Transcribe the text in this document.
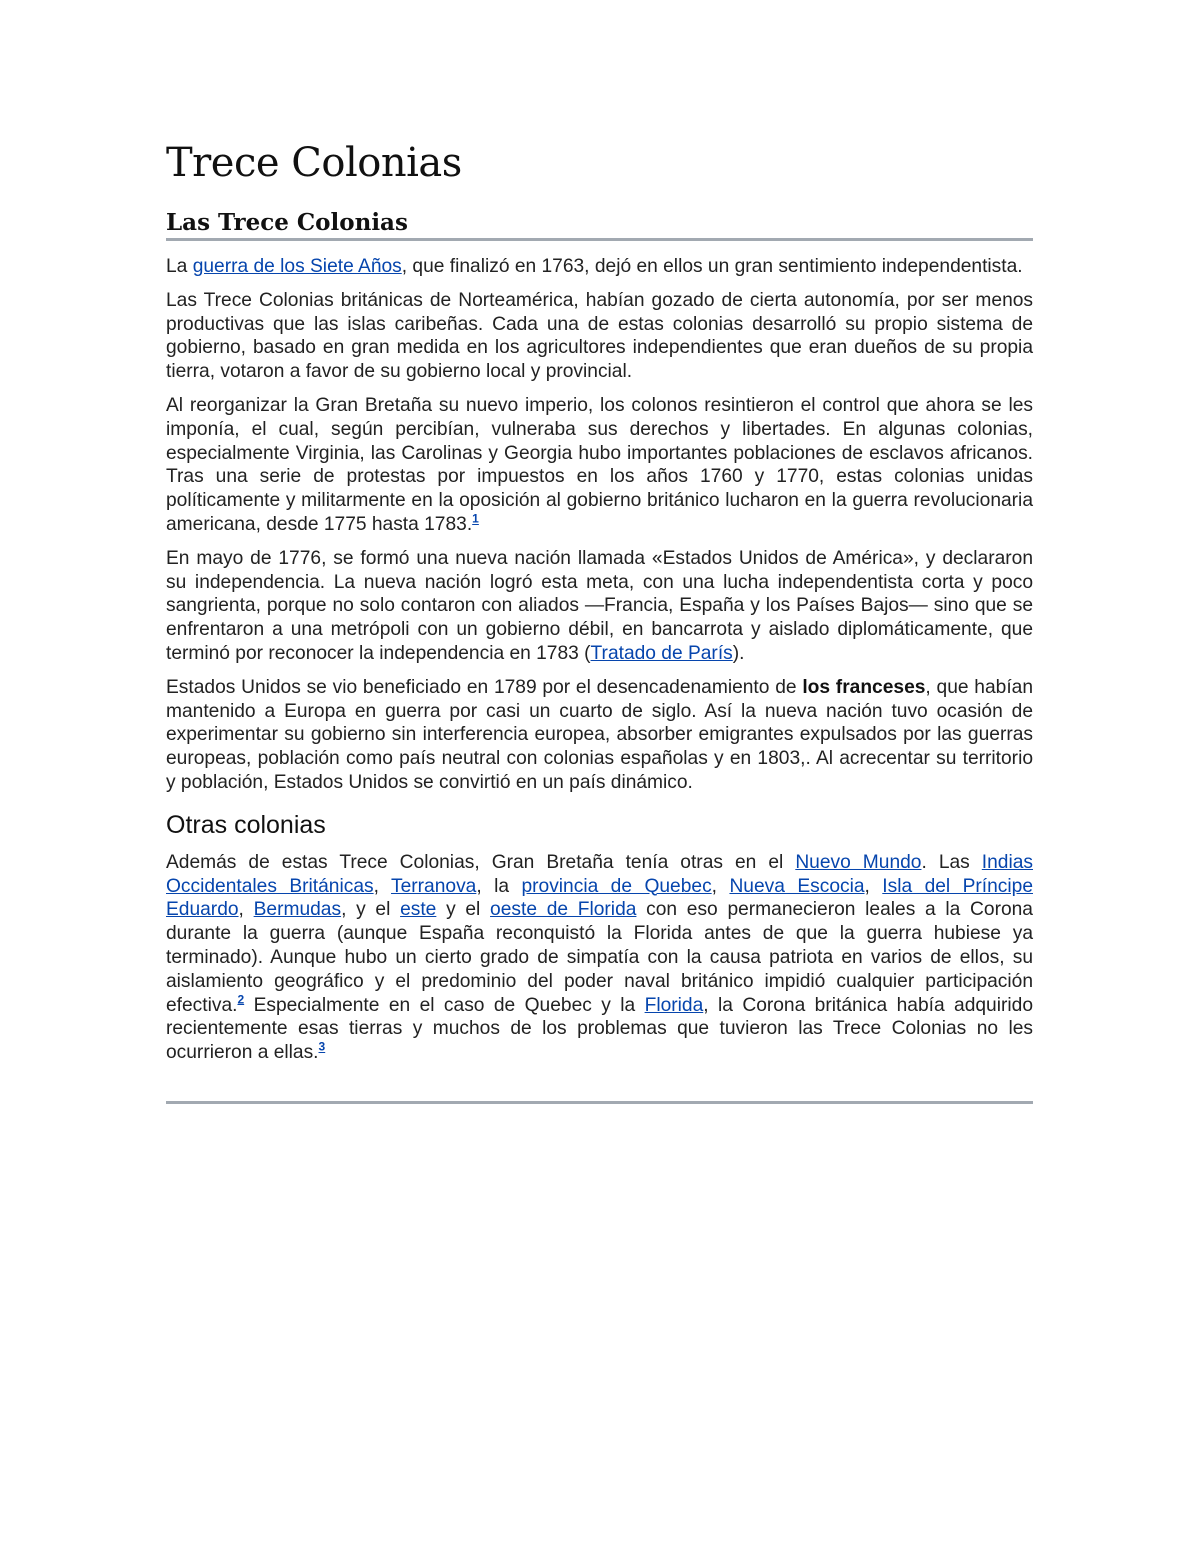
Trece Colonias
Las Trece Colonias

La guerra de los Siete Años, que finalizó en 1763, dejó en ellos un gran sentimiento independentista.

Las Trece Colonias británicas de Norteamérica, habían gozado de cierta autonomía, por ser menos productivas que las islas caribeñas. Cada una de estas colonias desarrolló su propio sistema de gobierno, basado en gran medida en los agricultores independientes que eran dueños de su propia tierra, votaron a favor de su gobierno local y provincial.

Al reorganizar la Gran Bretaña su nuevo imperio, los colonos resintieron el control que ahora se les imponía, el cual, según percibían, vulneraba sus derechos y libertades. En algunas colonias, especialmente Virginia, las Carolinas y Georgia hubo importantes poblaciones de esclavos africanos. Tras una serie de protestas por impuestos en los años 1760 y 1770, estas colonias unidas políticamente y militarmente en la oposición al gobierno británico lucharon en la guerra revolucionaria americana, desde 1775 hasta 1783.$^1$

En mayo de 1776, se formó una nueva nación llamada «Estados Unidos de América», y declararon su independencia. La nueva nación logró esta meta, con una lucha independentista corta y poco sangrienta, porque no solo contaron con aliados —Francia, España y los Países Bajos— sino que se enfrentaron a una metrópoli con un gobierno débil, en bancarrota y aislado diplomáticamente, que terminó por reconocer la independencia en 1783 (Tratado de París).

Estados Unidos se vio beneficiado en 1789 por el desencadenamiento de los franceses, que habían mantenido a Europa en guerra por casi un cuarto de siglo. Así la nueva nación tuvo ocasión de experimentar su gobierno sin interferencia europea, absorber emigrantes expulsados por las guerras europeas, población como país neutral con colonias españolas y en 1803,. Al acrecentar su territorio y población, Estados Unidos se convirtió en un país dinámico.

Otras colonias

Además de estas Trece Colonias, Gran Bretaña tenía otras en el Nuevo Mundo. Las Indias Occidentales Británicas, Terranova, la provincia de Quebec, Nueva Escocia, Isla del Príncipe Eduardo, Bermudas, y el este y el oeste de Florida con eso permanecieron leales a la Corona durante la guerra (aunque España reconquistó la Florida antes de que la guerra hubiese ya terminado). Aunque hubo un cierto grado de simpatía con la causa patriota en varios de ellos, su aislamiento geográfico y el predominio del poder naval británico impidió cualquier participación efectiva.$^2$ Especialmente en el caso de Quebec y la Florida, la Corona británica había adquirido recientemente esas tierras y muchos de los problemas que tuvieron las Trece Colonias no les ocurrieron a ellas.$^3$
